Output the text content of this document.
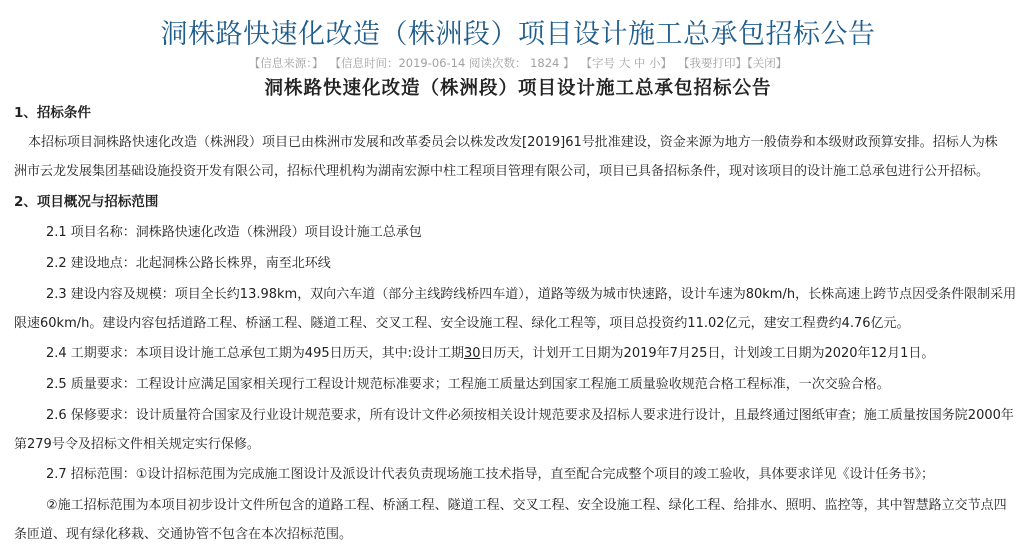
洞株路快速化改造（株洲段）项目设计施工总承包招标公告
【信息来源：】 【信息时间：2019-06-14 阅读次数： 1824 】 【字号 大 中 小】 【我要打印】【关闭】
洞株路快速化改造（株洲段）项目设计施工总承包招标公告
1、招标条件
本招标项目洞株路快速化改造（株洲段）项目已由株洲市发展和改革委员会以株发改发[2019]61号批准建设，资金来源为地方一般债券和本级财政预算安排。招标人为株
洲市云龙发展集团基础设施投资开发有限公司，招标代理机构为湖南宏源中柱工程项目管理有限公司，项目已具备招标条件，现对该项目的设计施工总承包进行公开招标。
2、项目概况与招标范围
2.1 项目名称：洞株路快速化改造（株洲段）项目设计施工总承包
2.2 建设地点：北起洞株公路长株界，南至北环线
2.3 建设内容及规模：项目全长约13.98km，双向六车道（部分主线跨线桥四车道），道路等级为城市快速路，设计车速为80km/h，长株高速上跨节点因受条件限制采用
限速60km/h。建设内容包括道路工程、桥涵工程、隧道工程、交叉工程、安全设施工程、绿化工程等，项目总投资约11.02亿元，建安工程费约4.76亿元。
2.4 工期要求：本项目设计施工总承包工期为495日历天，其中:设计工期30日历天，计划开工日期为2019年7月25日，计划竣工日期为2020年12月1日。
2.5 质量要求：工程设计应满足国家相关现行工程设计规范标准要求；工程施工质量达到国家工程施工质量验收规范合格工程标准，一次交验合格。
2.6 保修要求：设计质量符合国家及行业设计规范要求，所有设计文件必须按相关设计规范要求及招标人要求进行设计，且最终通过图纸审查；施工质量按国务院2000年
第279号令及招标文件相关规定实行保修。
2.7 招标范围：①设计招标范围为完成施工图设计及派设计代表负责现场施工技术指导，直至配合完成整个项目的竣工验收，具体要求详见《设计任务书》；
②施工招标范围为本项目初步设计文件所包含的道路工程、桥涵工程、隧道工程、交叉工程、安全设施工程、绿化工程、给排水、照明、监控等，其中智慧路立交节点四
条匝道、现有绿化移栽、交通协管不包含在本次招标范围。
